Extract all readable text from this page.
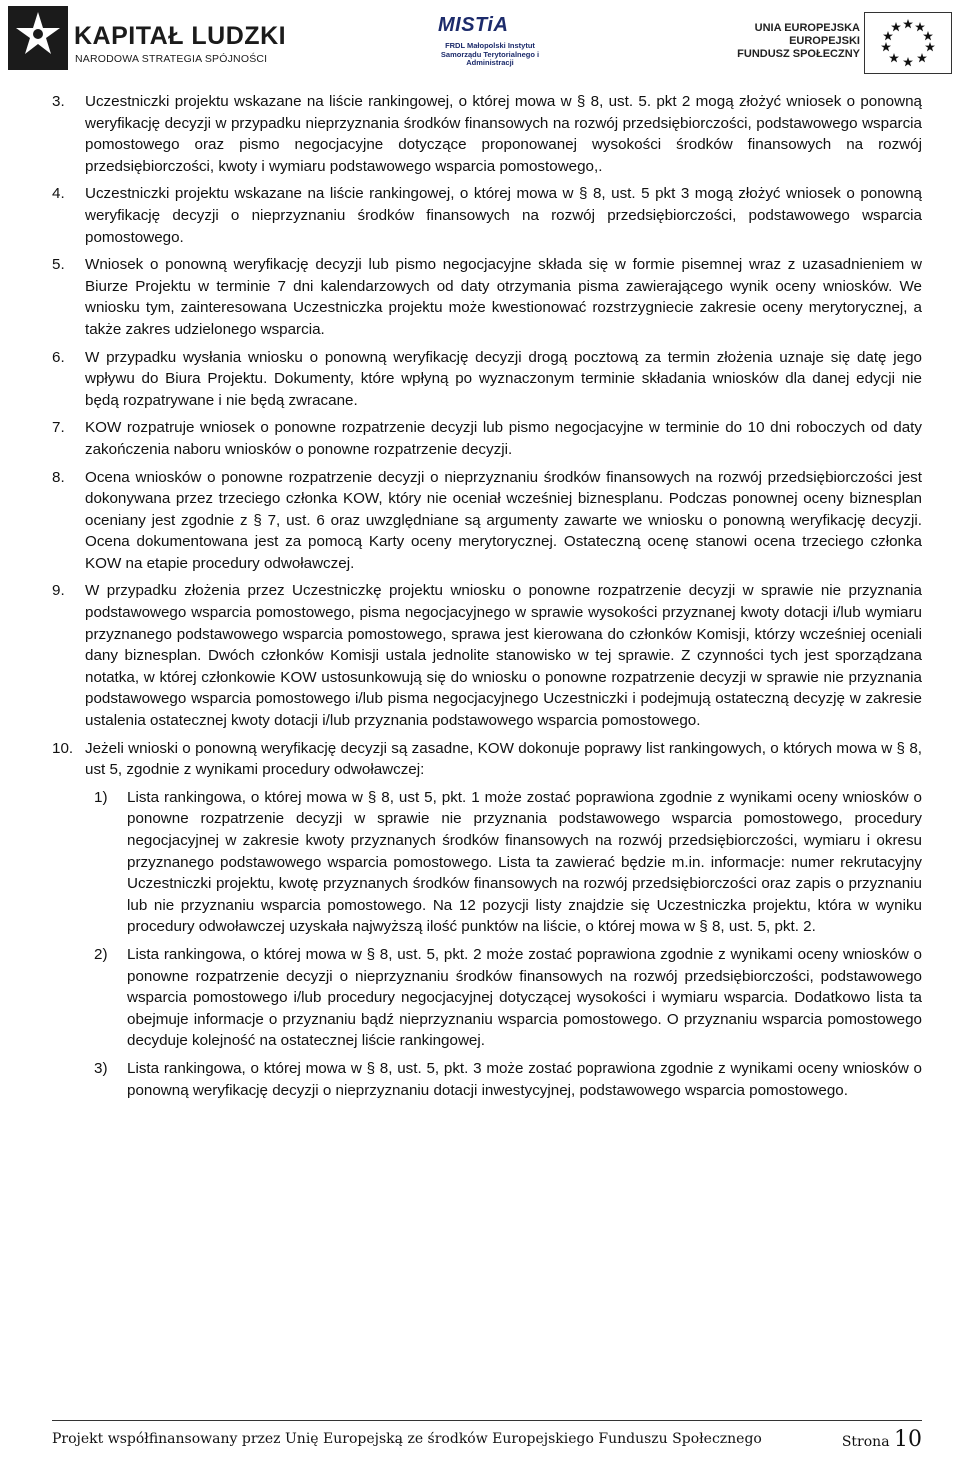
KAPITAŁ LUDZKI
NARODOWA STRATEGIA SPÓJNOŚCI
MISTiA
FRDL Małopolski Instytut Samorządu Terytorialnego i Administracji
UNIA EUROPEJSKA
EUROPEJSKI
FUNDUSZ SPOŁECZNY
3. Uczestniczki projektu wskazane na liście rankingowej, o której mowa w § 8, ust. 5. pkt 2 mogą złożyć wniosek o ponowną weryfikację decyzji w przypadku nieprzyznania środków finansowych na rozwój przedsiębiorczości, podstawowego wsparcia pomostowego oraz pismo negocjacyjne dotyczące proponowanej wysokości środków finansowych na rozwój przedsiębiorczości, kwoty i wymiaru podstawowego wsparcia pomostowego,.
4. Uczestniczki projektu wskazane na liście rankingowej, o której mowa w § 8, ust. 5 pkt 3 mogą złożyć wniosek o ponowną weryfikację decyzji o nieprzyznaniu środków finansowych na rozwój przedsiębiorczości, podstawowego wsparcia pomostowego.
5. Wniosek o ponowną weryfikację decyzji lub pismo negocjacyjne składa się w formie pisemnej wraz z uzasadnieniem w Biurze Projektu w terminie 7 dni kalendarzowych od daty otrzymania pisma zawierającego wynik oceny wniosków. We wniosku tym, zainteresowana Uczestniczka projektu może kwestionować rozstrzygniecie zakresie oceny merytorycznej, a także zakres udzielonego wsparcia.
6. W przypadku wysłania wniosku o ponowną weryfikację decyzji drogą pocztową za termin złożenia uznaje się datę jego wpływu do Biura Projektu. Dokumenty, które wpłyną po wyznaczonym terminie składania wniosków dla danej edycji nie będą rozpatrywane i nie będą zwracane.
7. KOW rozpatruje wniosek o ponowne rozpatrzenie decyzji lub pismo negocjacyjne w terminie do 10 dni roboczych od daty zakończenia naboru wniosków o ponowne rozpatrzenie decyzji.
8. Ocena wniosków o ponowne rozpatrzenie decyzji o nieprzyznaniu środków finansowych na rozwój przedsiębiorczości jest dokonywana przez trzeciego członka KOW, który nie oceniał wcześniej biznesplanu. Podczas ponownej oceny biznesplan oceniany jest zgodnie z § 7, ust. 6 oraz uwzględniane są argumenty zawarte we wniosku o ponowną weryfikację decyzji. Ocena dokumentowana jest za pomocą Karty oceny merytorycznej. Ostateczną ocenę stanowi ocena trzeciego członka KOW na etapie procedury odwoławczej.
9. W przypadku złożenia przez Uczestniczkę projektu wniosku o ponowne rozpatrzenie decyzji w sprawie nie przyznania podstawowego wsparcia pomostowego, pisma negocjacyjnego w sprawie wysokości przyznanej kwoty dotacji i/lub wymiaru przyznanego podstawowego wsparcia pomostowego, sprawa jest kierowana do członków Komisji, którzy wcześniej oceniali dany biznesplan. Dwóch członków Komisji ustala jednolite stanowisko w tej sprawie. Z czynności tych jest sporządzana notatka, w której członkowie KOW ustosunkowują się do wniosku o ponowne rozpatrzenie decyzji w sprawie nie przyznania podstawowego wsparcia pomostowego i/lub pisma negocjacyjnego Uczestniczki i podejmują ostateczną decyzję w zakresie ustalenia ostatecznej kwoty dotacji i/lub przyznania podstawowego wsparcia pomostowego.
10. Jeżeli wnioski o ponowną weryfikację decyzji są zasadne, KOW dokonuje poprawy list rankingowych, o których mowa w § 8, ust 5, zgodnie z wynikami procedury odwoławczej:
1) Lista rankingowa, o której mowa w § 8, ust 5, pkt. 1 może zostać poprawiona zgodnie z wynikami oceny wniosków o ponowne rozpatrzenie decyzji w sprawie nie przyznania podstawowego wsparcia pomostowego, procedury negocjacyjnej w zakresie kwoty przyznanych środków finansowych na rozwój przedsiębiorczości, wymiaru i okresu przyznanego podstawowego wsparcia pomostowego. Lista ta zawierać będzie m.in. informacje: numer rekrutacyjny Uczestniczki projektu, kwotę przyznanych środków finansowych na rozwój przedsiębiorczości oraz zapis o przyznaniu lub nie przyznaniu wsparcia pomostowego. Na 12 pozycji listy znajdzie się Uczestniczka projektu, która w wyniku procedury odwoławczej uzyskała najwyższą ilość punktów na liście, o której mowa w § 8, ust. 5, pkt. 2.
2) Lista rankingowa, o której mowa w § 8, ust. 5, pkt. 2 może zostać poprawiona zgodnie z wynikami oceny wniosków o ponowne rozpatrzenie decyzji o nieprzyznaniu środków finansowych na rozwój przedsiębiorczości, podstawowego wsparcia pomostowego i/lub procedury negocjacyjnej dotyczącej wysokości i wymiaru wsparcia. Dodatkowo lista ta obejmuje informacje o przyznaniu bądź nieprzyznaniu wsparcia pomostowego. O przyznaniu wsparcia pomostowego decyduje kolejność na ostatecznej liście rankingowej.
3) Lista rankingowa, o której mowa w § 8, ust. 5, pkt. 3 może zostać poprawiona zgodnie z wynikami oceny wniosków o ponowną weryfikację decyzji o nieprzyznaniu dotacji inwestycyjnej, podstawowego wsparcia pomostowego.
Projekt współfinansowany przez Unię Europejską ze środków Europejskiego Funduszu Społecznego	Strona 10
